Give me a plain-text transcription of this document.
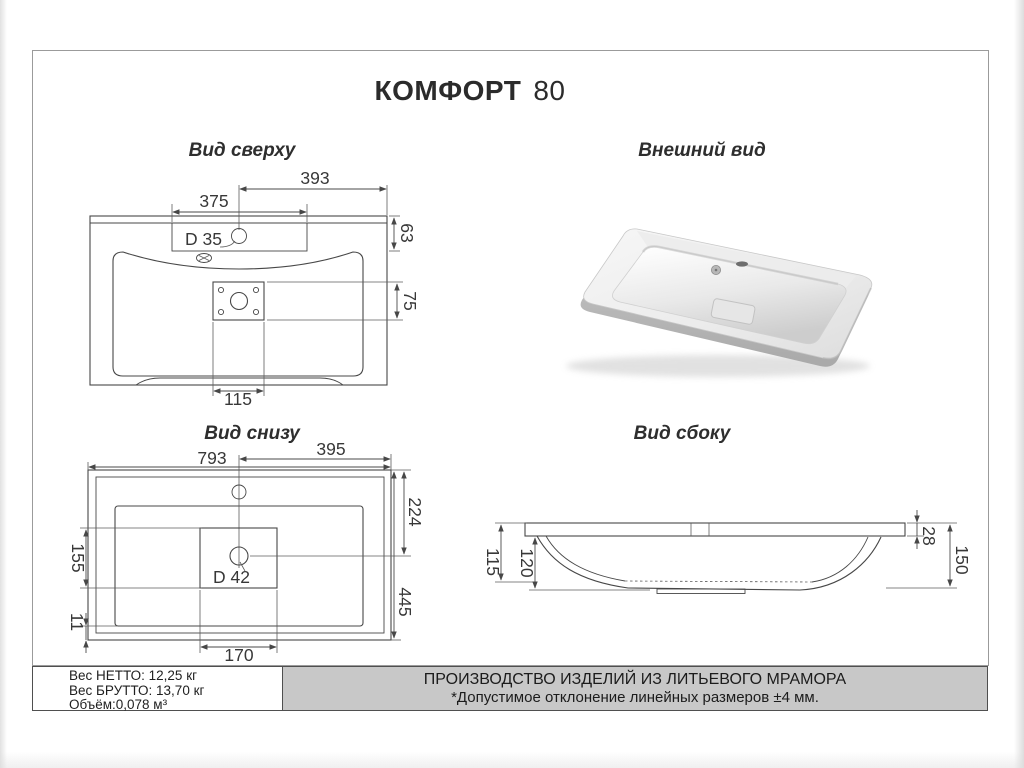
КОМФОРТ 80
Вид сверху	Внешний вид
Вид снизу	Вид сбоку
393
375
63
75
115
D 35
793	395
224
445
155
11
170
D 42
115 120
28
150
Вес НЕТТО: 12,25 кг
Вес БРУТТО: 13,70 кг
Объём:0,078 м³
ПРОИЗВОДСТВО ИЗДЕЛИЙ ИЗ ЛИТЬЕВОГО МРАМОРА
*Допустимое отклонение линейных размеров ±4 мм.
